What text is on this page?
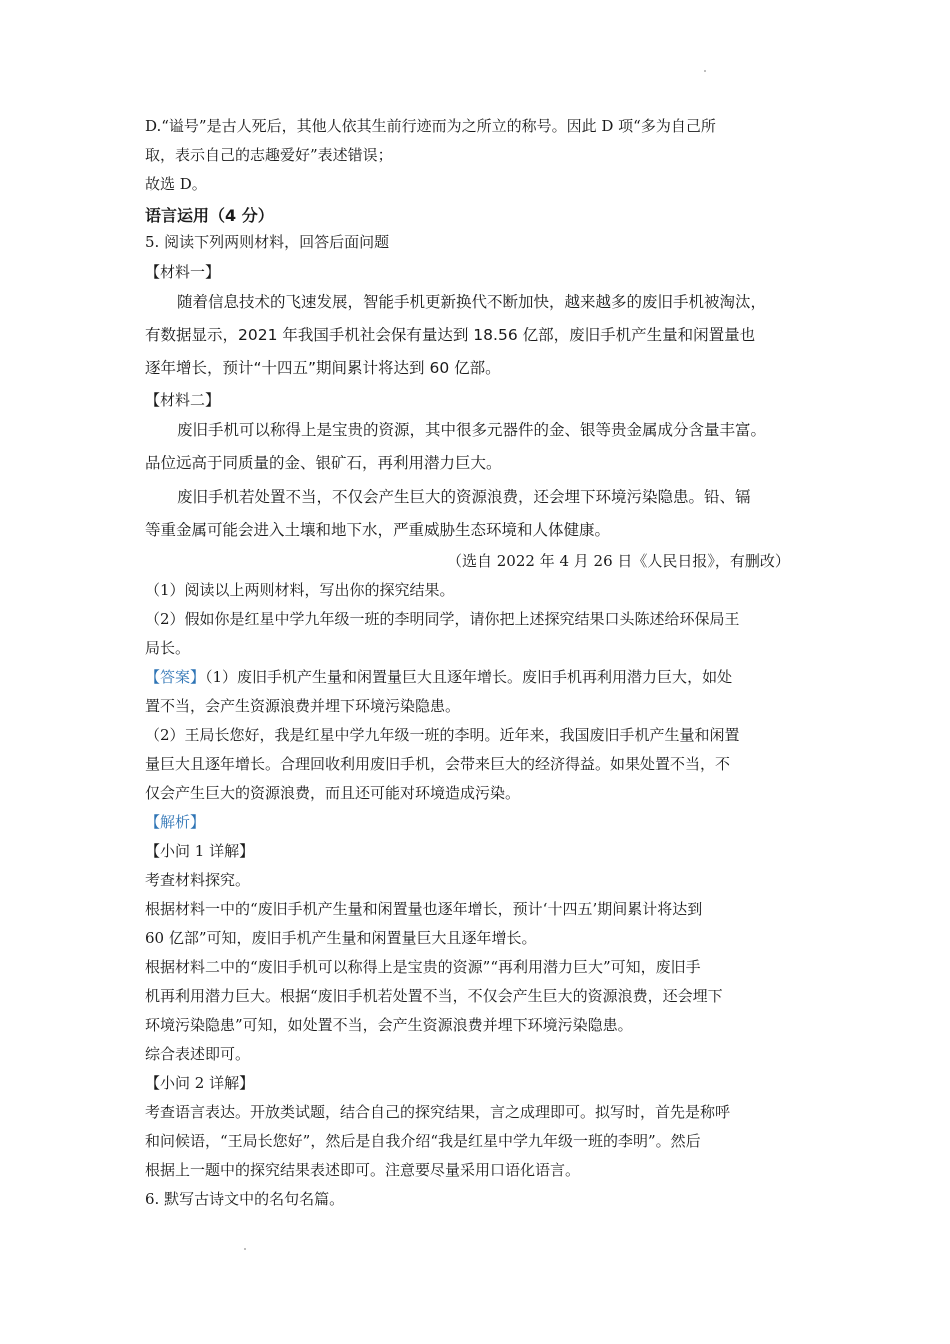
D.“谥号”是古人死后，其他人依其生前行迹而为之所立的称号。因此 D 项“多为自己所
取，表示自己的志趣爱好”表述错误；
故选 D。
语言运用（4 分）
5. 阅读下列两则材料，回答后面问题
【材料一】
随着信息技术的飞速发展，智能手机更新换代不断加快，越来越多的废旧手机被淘汰，
有数据显示，2021 年我国手机社会保有量达到 18.56 亿部，废旧手机产生量和闲置量也
逐年增长，预计“十四五”期间累计将达到 60 亿部。
【材料二】
废旧手机可以称得上是宝贵的资源，其中很多元器件的金、银等贵金属成分含量丰富。
品位远高于同质量的金、银矿石，再利用潜力巨大。
废旧手机若处置不当，不仅会产生巨大的资源浪费，还会埋下环境污染隐患。铅、镉
等重金属可能会进入土壤和地下水，严重威胁生态环境和人体健康。
（选自 2022 年 4 月 26 日《人民日报》，有删改）
（1）阅读以上两则材料，写出你的探究结果。
（2）假如你是红星中学九年级一班的李明同学，请你把上述探究结果口头陈述给环保局王
局长。
【答案】（1）废旧手机产生量和闲置量巨大且逐年增长。废旧手机再利用潜力巨大，如处
置不当，会产生资源浪费并埋下环境污染隐患。
（2）王局长您好，我是红星中学九年级一班的李明。近年来，我国废旧手机产生量和闲置
量巨大且逐年增长。合理回收利用废旧手机，会带来巨大的经济得益。如果处置不当，不
仅会产生巨大的资源浪费，而且还可能对环境造成污染。
【解析】
【小问 1 详解】
考查材料探究。
根据材料一中的“废旧手机产生量和闲置量也逐年增长，预计‘十四五’期间累计将达到
60 亿部”可知，废旧手机产生量和闲置量巨大且逐年增长。
根据材料二中的“废旧手机可以称得上是宝贵的资源”“再利用潜力巨大”可知，废旧手
机再利用潜力巨大。根据“废旧手机若处置不当，不仅会产生巨大的资源浪费，还会埋下
环境污染隐患”可知，如处置不当，会产生资源浪费并埋下环境污染隐患。
综合表述即可。
【小问 2 详解】
考查语言表达。开放类试题，结合自己的探究结果，言之成理即可。拟写时，首先是称呼
和问候语，“王局长您好”，然后是自我介绍“我是红星中学九年级一班的李明”。然后
根据上一题中的探究结果表述即可。注意要尽量采用口语化语言。
6. 默写古诗文中的名句名篇。
